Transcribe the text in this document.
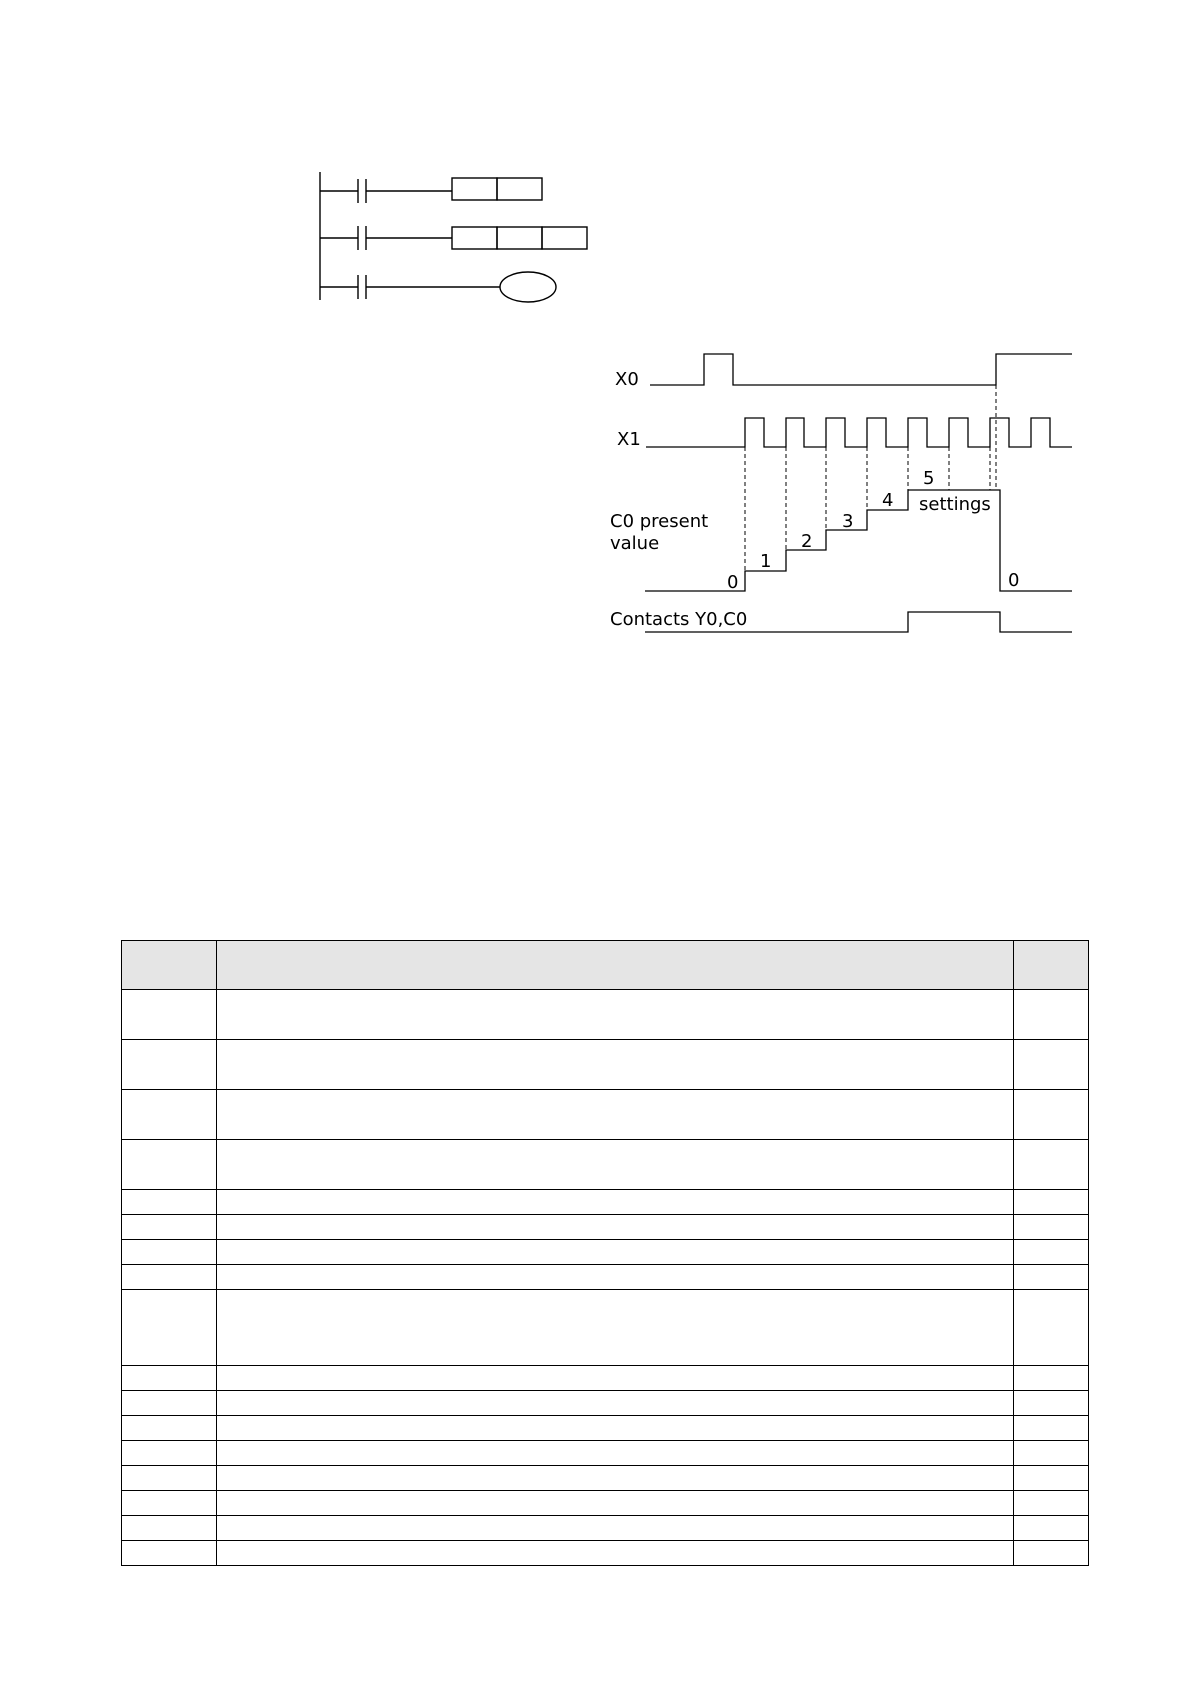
X0
X1
C0 present
value
Contacts Y0,C0
settings
0
1
2
3
4
5
0
